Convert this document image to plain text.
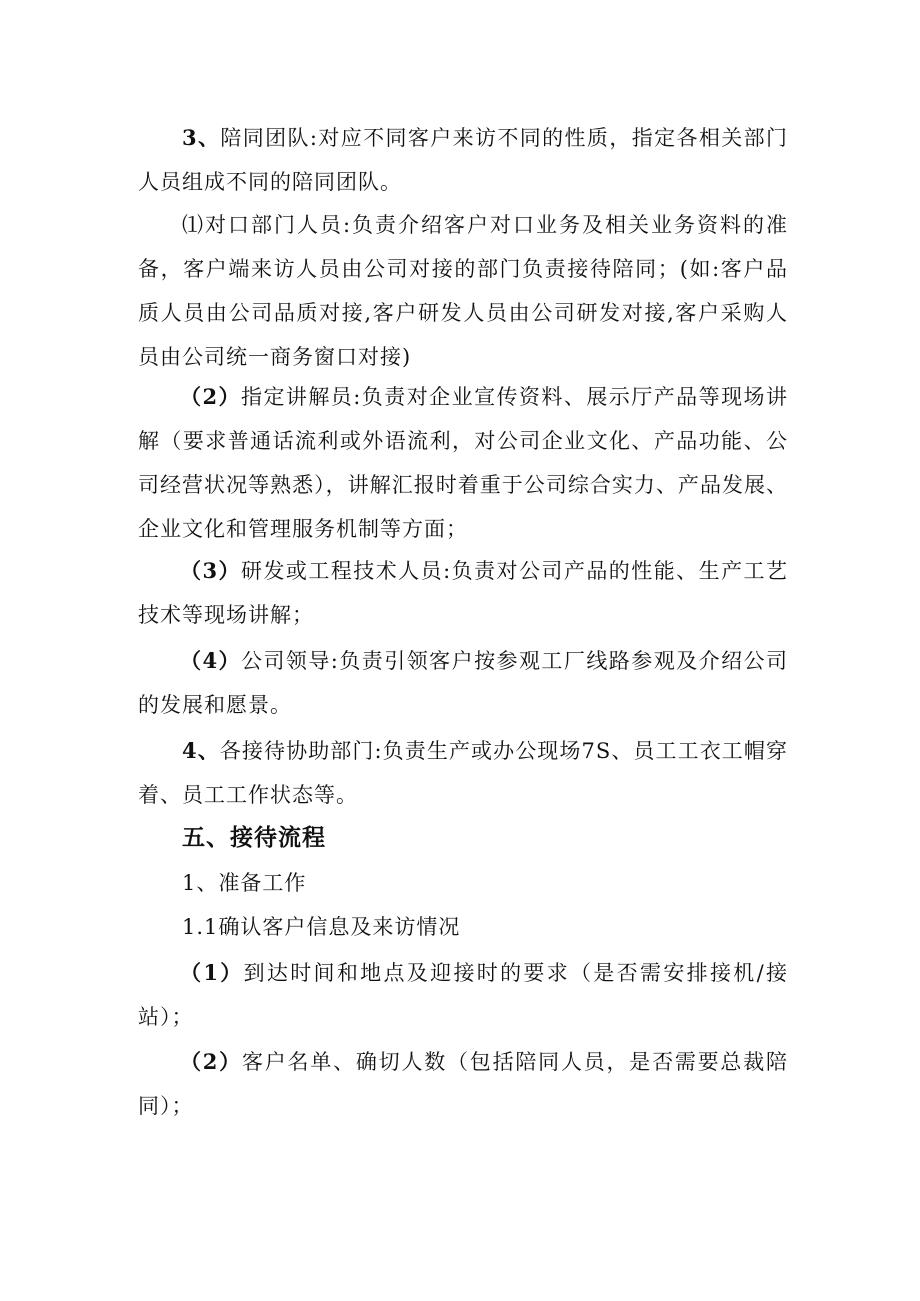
3、陪同团队:对应不同客户来访不同的性质，指定各相关部门人员组成不同的陪同团队。

⑴对口部门人员:负责介绍客户对口业务及相关业务资料的准备，客户端来访人员由公司对接的部门负责接待陪同；(如:客户品质人员由公司品质对接,客户研发人员由公司研发对接,客户采购人员由公司统一商务窗口对接)

（2）指定讲解员:负责对企业宣传资料、展示厅产品等现场讲解（要求普通话流利或外语流利，对公司企业文化、产品功能、公司经营状况等熟悉），讲解汇报时着重于公司综合实力、产品发展、企业文化和管理服务机制等方面；

（3）研发或工程技术人员:负责对公司产品的性能、生产工艺技术等现场讲解；

（4）公司领导:负责引领客户按参观工厂线路参观及介绍公司的发展和愿景。

4、各接待协助部门:负责生产或办公现场7S、员工工衣工帽穿着、员工工作状态等。

五、接待流程

1、准备工作

1.1确认客户信息及来访情况

（1）到达时间和地点及迎接时的要求（是否需安排接机/接站）；

（2）客户名单、确切人数（包括陪同人员，是否需要总裁陪同）；
